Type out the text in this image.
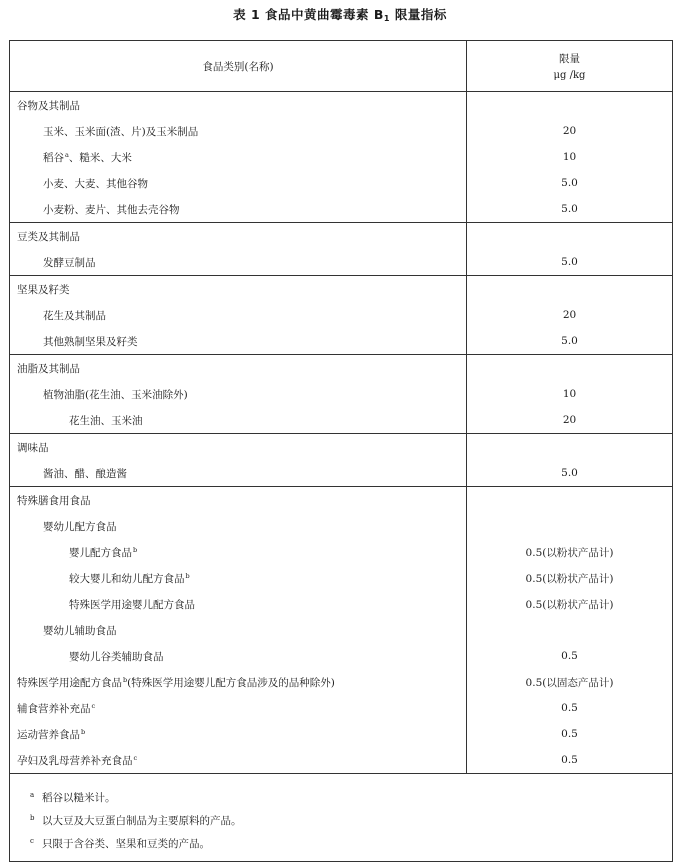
表 1 食品中黄曲霉毒素 $B_1$ 限量指标
食品类别(名称)	限量
μg /kg

谷物及其制品	
玉米、玉米面(渣、片)及玉米制品	20
稻谷$^a$、糙米、大米	10
小麦、大麦、其他谷物	5.0
小麦粉、麦片、其他去壳谷物	5.0
豆类及其制品	
发酵豆制品	5.0
坚果及籽类	
花生及其制品	20
其他熟制坚果及籽类	5.0
油脂及其制品	
植物油脂(花生油、玉米油除外)	10
花生油、玉米油	20
调味品	
酱油、醋、酿造酱	5.0
特殊膳食用食品	
婴幼儿配方食品	
婴儿配方食品$^b$	0.5(以粉状产品计)
较大婴儿和幼儿配方食品$^b$	0.5(以粉状产品计)
特殊医学用途婴儿配方食品	0.5(以粉状产品计)
婴幼儿辅助食品	
婴幼儿谷类辅助食品	0.5
特殊医学用途配方食品$^b$(特殊医学用途婴儿配方食品涉及的品种除外)	0.5(以固态产品计)
辅食营养补充品$^c$	0.5
运动营养食品$^b$	0.5
孕妇及乳母营养补充食品$^c$	0.5

a 稻谷以糙米计。
b 以大豆及大豆蛋白制品为主要原料的产品。
c 只限于含谷类、坚果和豆类的产品。	
